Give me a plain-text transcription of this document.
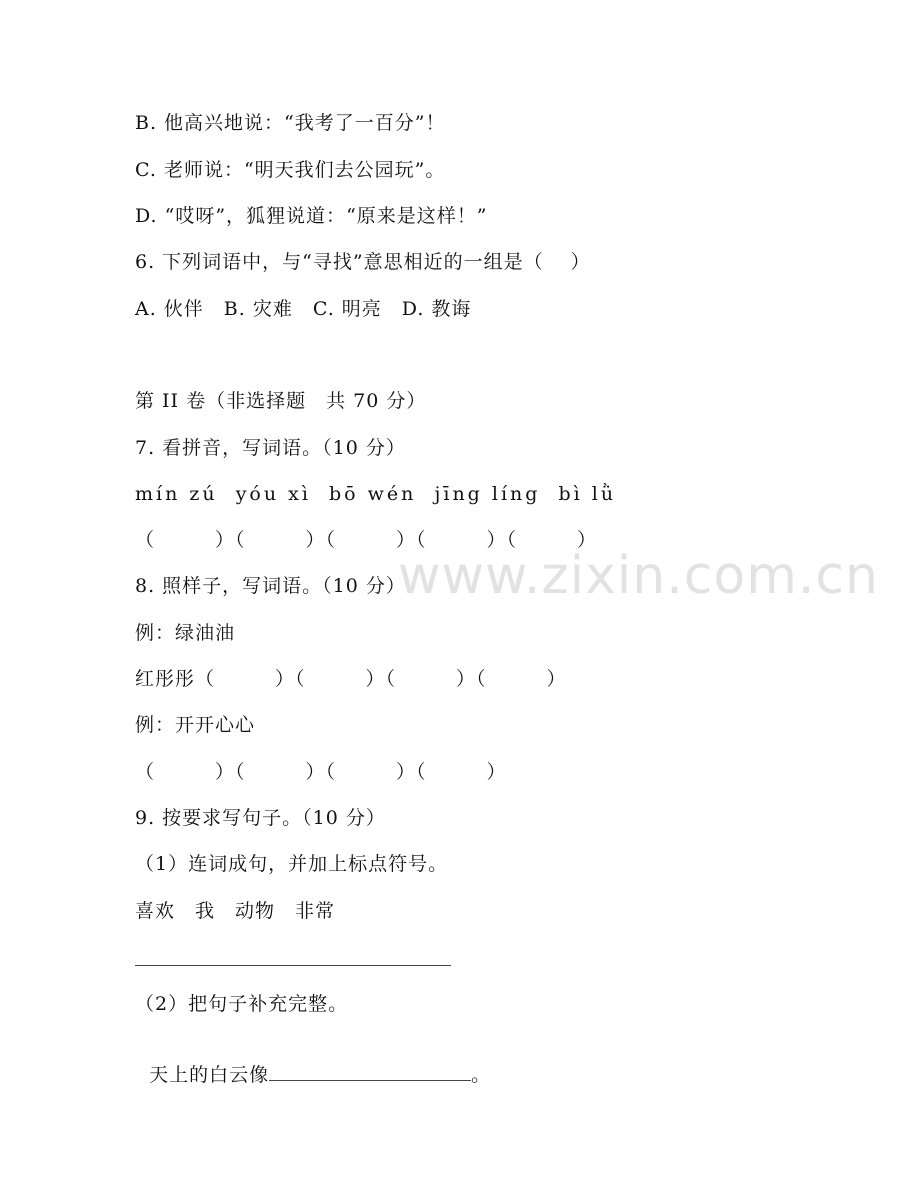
www.zixin.com.cn
B. 他高兴地说：“我考了一百分”！
C. 老师说：“明天我们去公园玩”。
D. “哎呀”，狐狸说道：“原来是这样！”
6. 下列词语中，与“寻找”意思相近的一组是（　 ）
A. 伙伴　B. 灾难　C. 明亮　D. 教诲
第 II 卷（非选择题　共 70 分）
7. 看拼音，写词语。（10 分）
mín zú  yóu xì  bō wén  jīng líng  bì lǜ
（　　　）（　　　）（　　　）（　　　）（　　　）
8. 照样子，写词语。（10 分）
例：绿油油
红彤彤（　　　）（　　　）（　　　）（　　　）
例：开开心心
（　　　）（　　　）（　　　）（　　　）
9. 按要求写句子。（10 分）
（1）连词成句，并加上标点符号。
喜欢　我　动物　非常
（2）把句子补充完整。

天上的白云像	。
